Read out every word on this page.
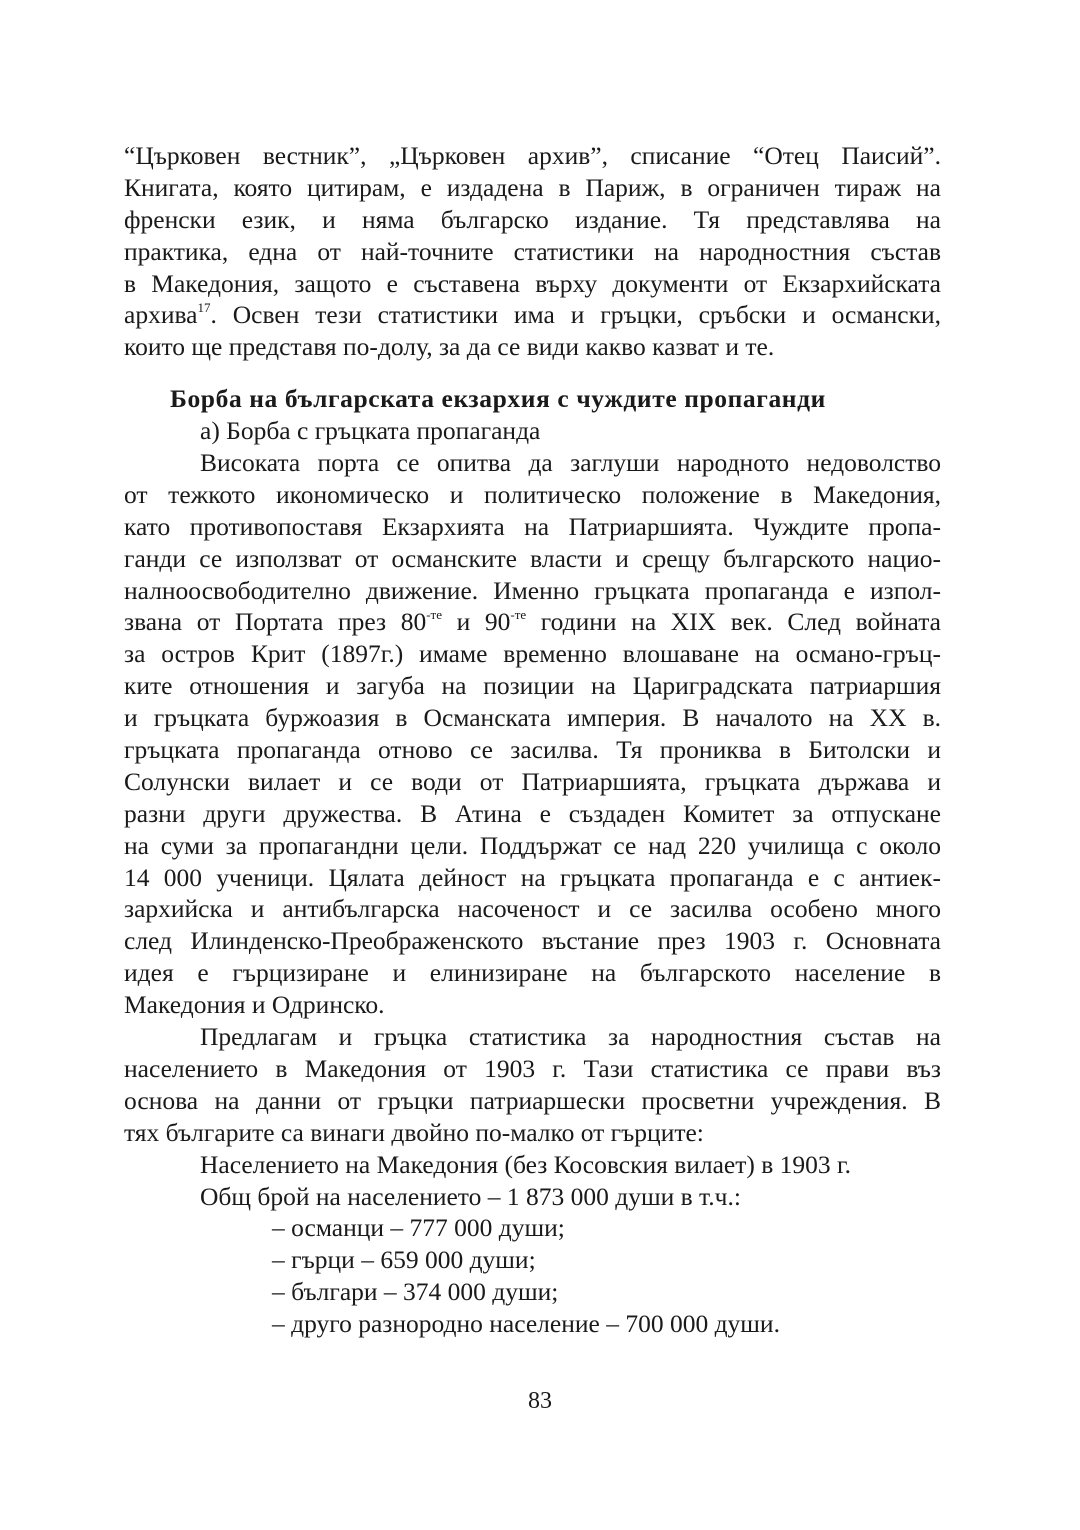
“Църковен вестник”, „Църковен архив”, списание “Отец Паисий”.
Книгата, която цитирам, е издадена в Париж, в ограничен тираж на
френски език, и няма българско издание. Тя представлява на
практика, една от най-точните статистики на народностния състав
в Македония, защото е съставена върху документи от Екзархийската
архива$^{17}$. Освен тези статистики има и гръцки, сръбски и османски,
които ще представя по-долу, за да се види какво казват и те.
Борба на българската екзархия с чуждите пропаганди
а) Борба с гръцката пропаганда
Високата порта се опитва да заглуши народното недоволство
от тежкото икономическо и политическо положение в Македония,
като противопоставя Екзархията на Патриаршията. Чуждите пропа-
ганди се използват от османските власти и срещу българското нацио-
налноосвободително движение. Именно гръцката пропаганда е изпол-
звана от Портата през $80^{-те}$ и $90^{-те}$ години на XIX век. След войната
за остров Крит (1897г.) имаме временно влошаване на османо-гръц-
ките отношения и загуба на позиции на Цариградската патриаршия
и гръцката буржоазия в Османската империя. В началото на XX в.
гръцката пропаганда отново се засилва. Тя прониква в Битолски и
Солунски вилает и се води от Патриаршията, гръцката държава и
разни други дружества. В Атина е създаден Комитет за отпускане
на суми за пропагандни цели. Поддържат се над 220 училища с около
14 000 ученици. Цялата дейност на гръцката пропаганда е с антиек-
зархийска и антибългарска насоченост и се засилва особено много
след Илинденско-Преображенското въстание през 1903 г. Основната
идея е гърцизиране и елинизиране на българското население в
Македония и Одринско.
Предлагам и гръцка статистика за народностния състав на
населението в Македония от 1903 г. Тази статистика се прави въз
основа на данни от гръцки патриаршески просветни учреждения. В
тях българите са винаги двойно по-малко от гърците:
Населението на Македония (без Косовския вилает) в 1903 г.
Общ брой на населението – 1 873 000 души в т.ч.:
– османци – 777 000 души;
– гърци – 659 000 души;
– българи – 374 000 души;
– друго разнородно население – 700 000 души.
83
